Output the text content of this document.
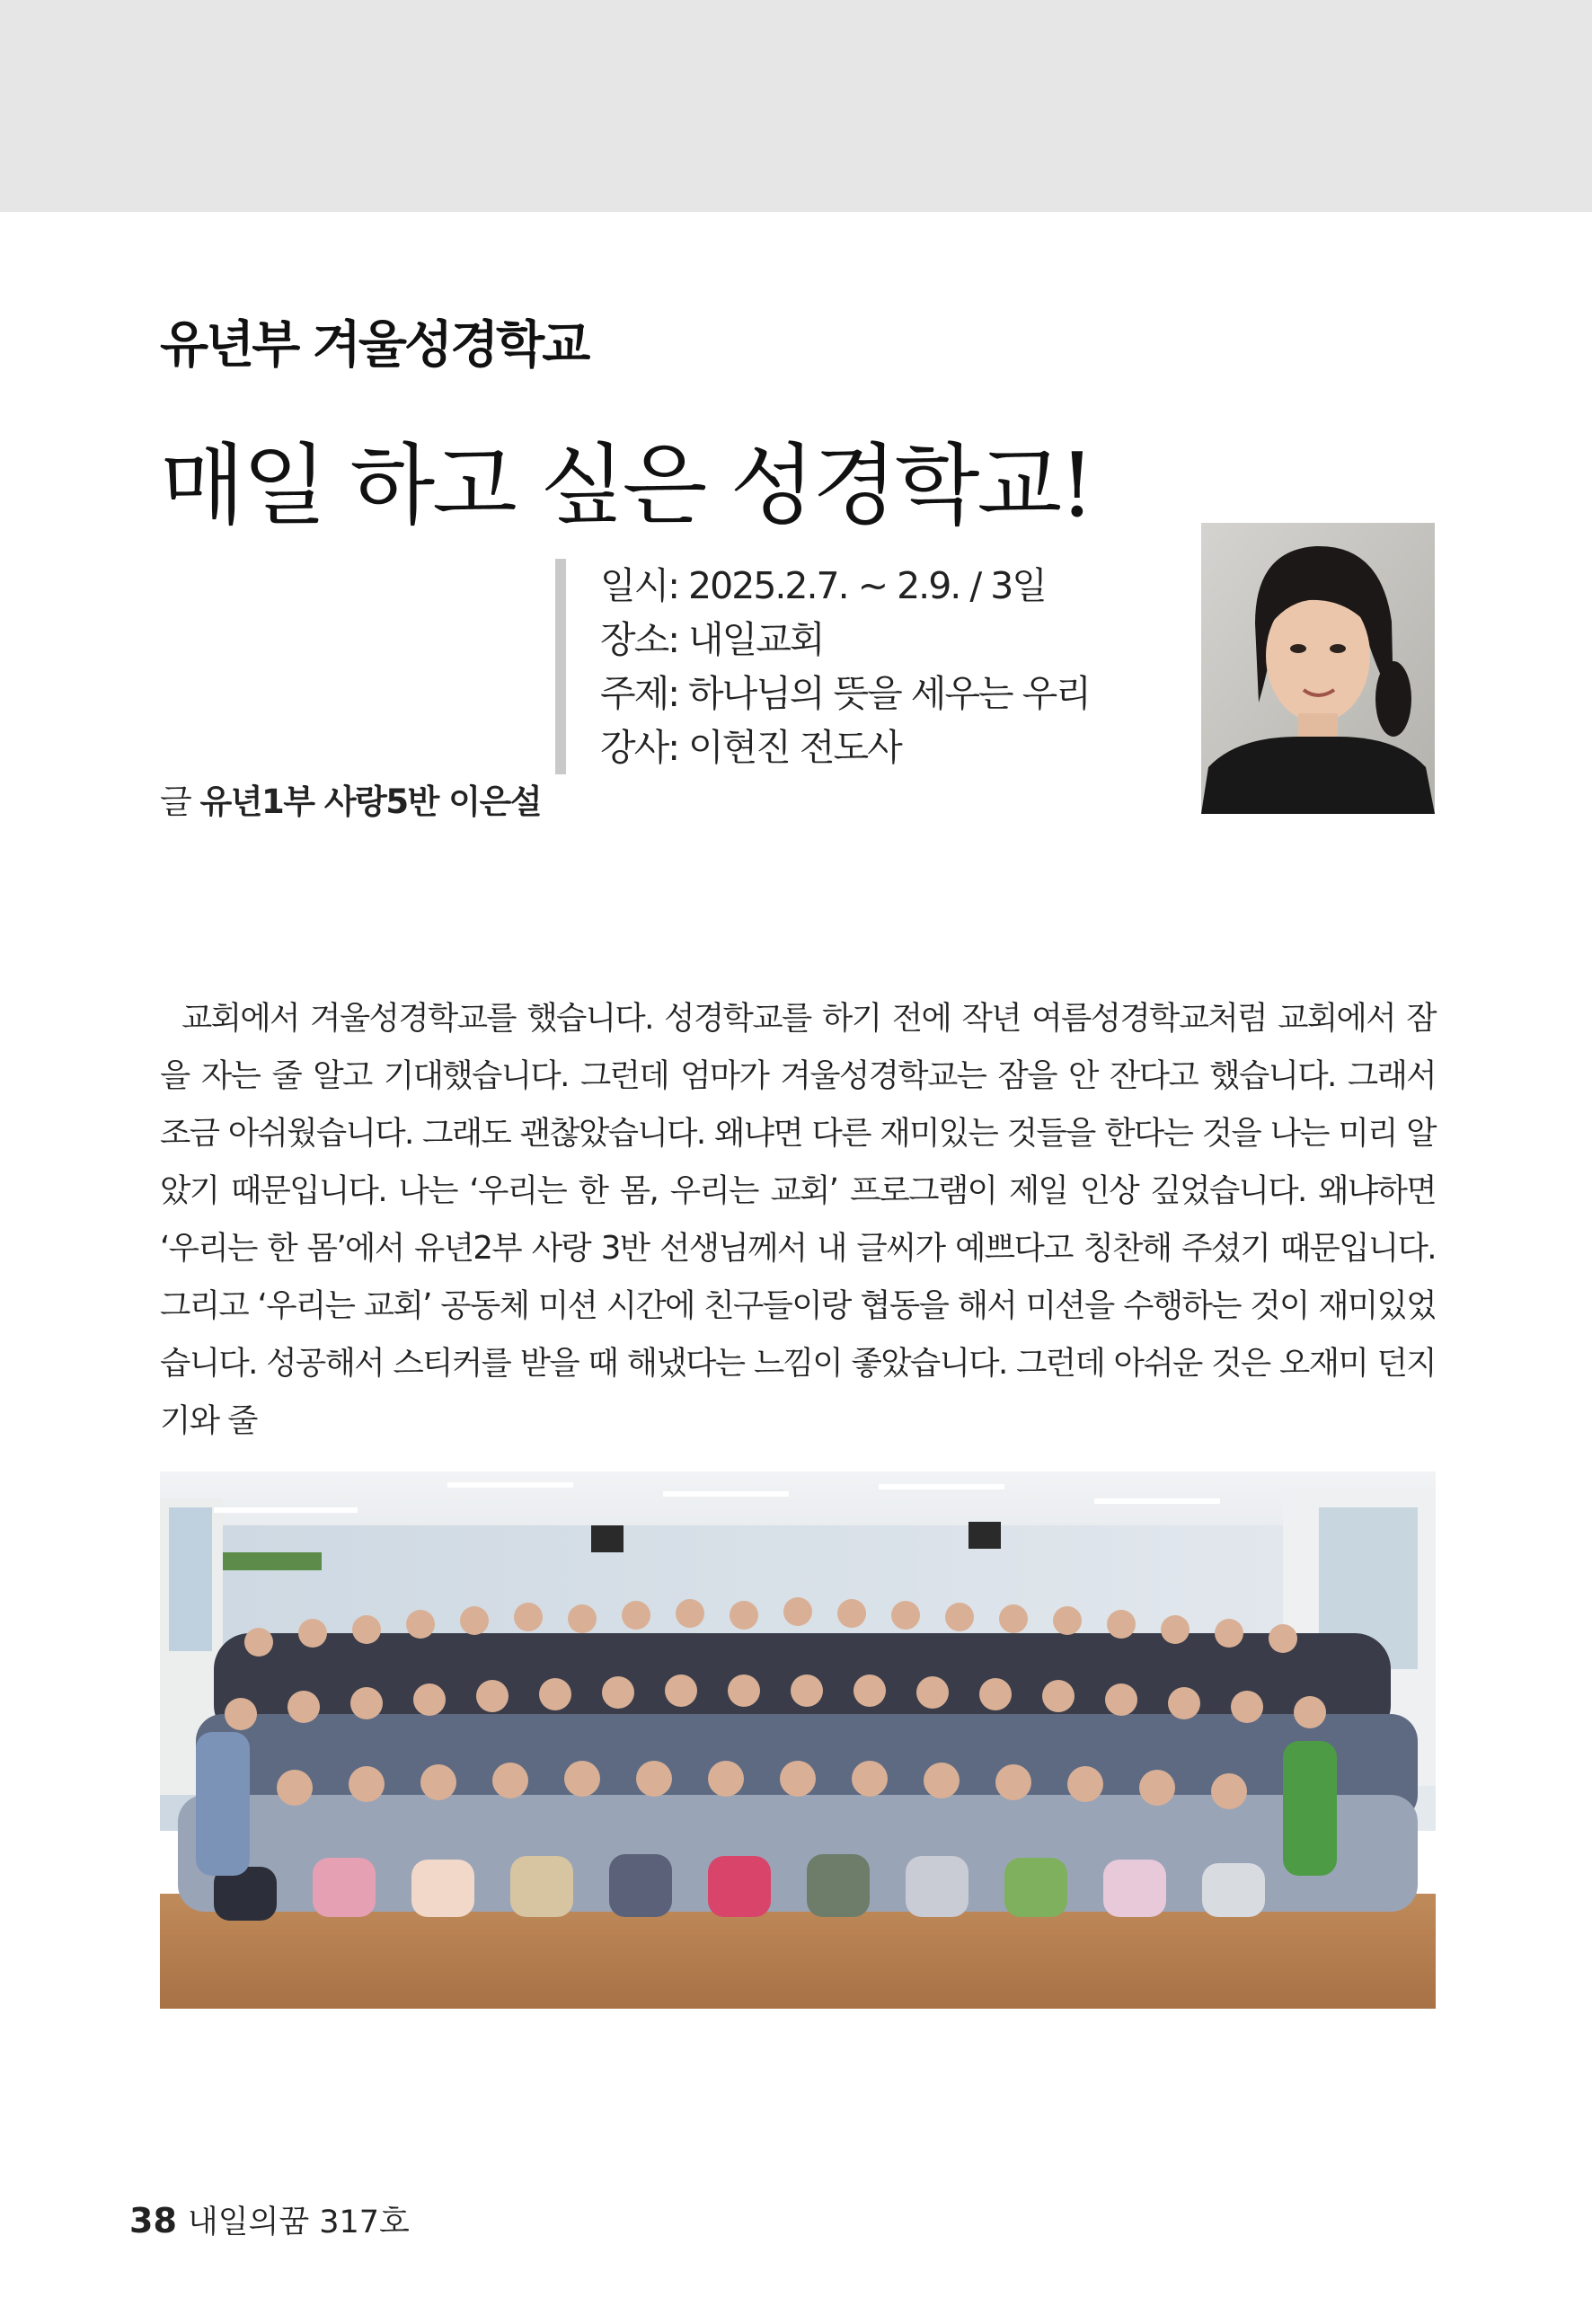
유년부 겨울성경학교
매일 하고 싶은 성경학교!
일시: 2025.2.7. ~ 2.9. / 3일
장소: 내일교회
주제: 하나님의 뜻을 세우는 우리
강사: 이현진 전도사
글 유년1부 사랑5반 이은설

교회에서 겨울성경학교를 했습니다. 성경학교를 하기 전에 작년 여름성경학교처럼 교회에서 잠을 자는 줄 알고 기대했습니다. 그런데 엄마가 겨울성경학교는 잠을 안 잔다고 했습니다. 그래서 조금 아쉬웠습니다. 그래도 괜찮았습니다. 왜냐면 다른 재미있는 것들을 한다는 것을 나는 미리 알았기 때문입니다. 나는 ‘우리는 한 몸, 우리는 교회’ 프로그램이 제일 인상 깊었습니다. 왜냐하면 ‘우리는 한 몸’에서 유년2부 사랑 3반 선생님께서 내 글씨가 예쁘다고 칭찬해 주셨기 때문입니다. 그리고 ‘우리는 교회’ 공동체 미션 시간에 친구들이랑 협동을 해서 미션을 수행하는 것이 재미있었습니다. 성공해서 스티커를 받을 때 해냈다는 느낌이 좋았습니다. 그런데 아쉬운 것은 오재미 던지기와 줄

38 내일의꿈 317호
